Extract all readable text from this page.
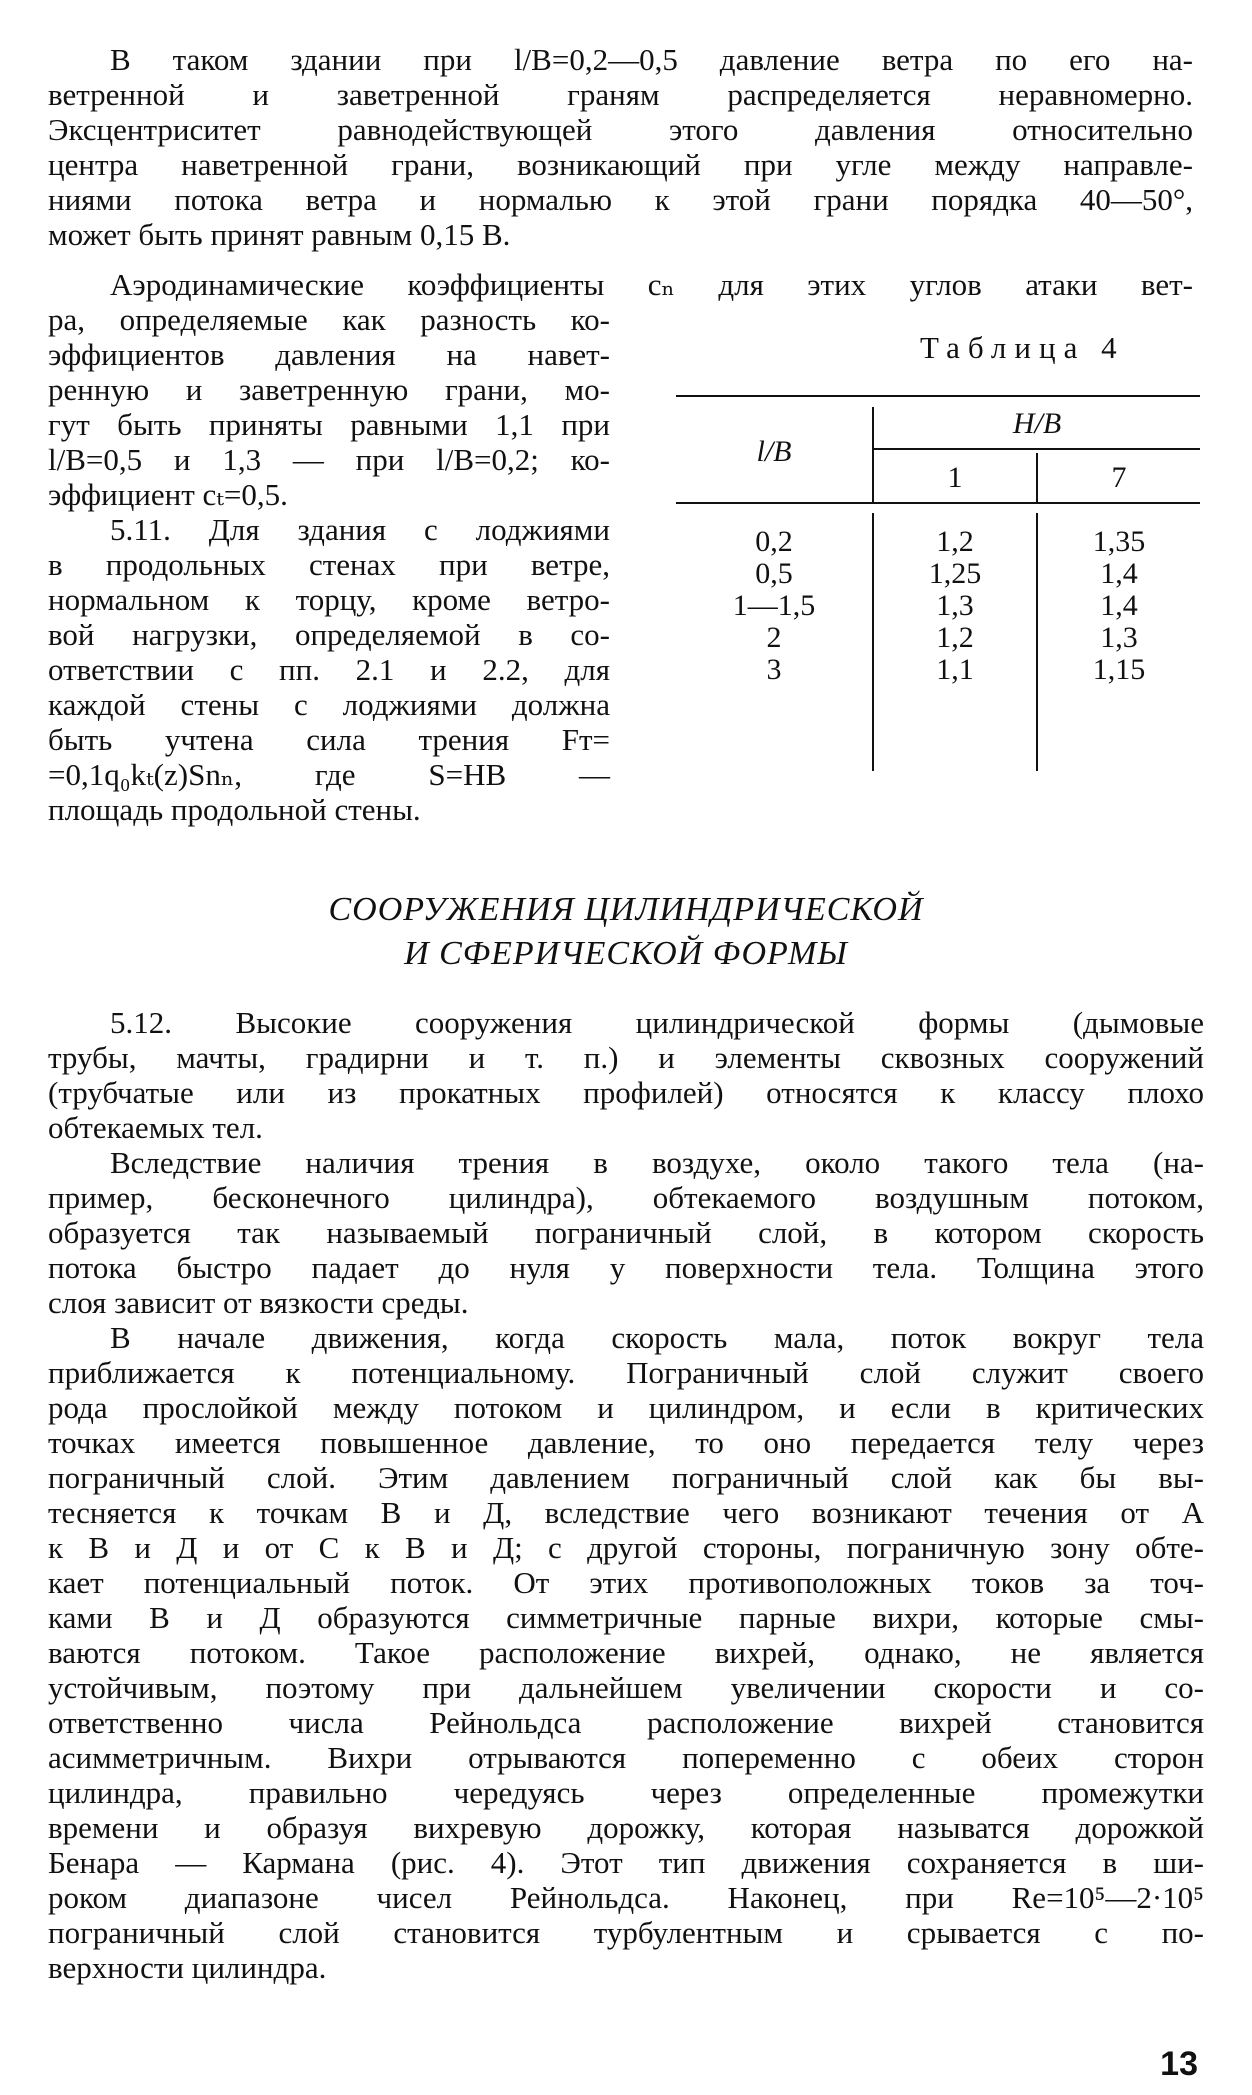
В таком здании при l/B=0,2—0,5 давление ветра по его на-
ветренной и заветренной граням распределяется неравномерно.
Эксцентриситет равнодействующей этого давления относительно
центра наветренной грани, возникающий при угле между направле-
ниями потока ветра и нормалью к этой грани порядка 40—50°,
может быть принят равным 0,15 B.

Аэродинамические коэффициенты cₙ для этих углов атаки вет-

ра, определяемые как разность ко-
эффициентов давления на навет-
ренную и заветренную грани, мо-
гут быть приняты равными 1,1 при
l/B=0,5 и 1,3 — при l/B=0,2; ко-
эффициент cₜ=0,5.
5.11. Для здания с лоджиями
в продольных стенах при ветре,
нормальном к торцу, кроме ветро-
вой нагрузки, определяемой в со-
ответствии с пп. 2.1 и 2.2, для
каждой стены с лоджиями должна
быть учтена сила трения Fт=
=0,1q₀kₜ(z)Snₙ, где S=HB —
площадь продольной стены.
Таблица 4
l/B
H/B
1	7
0,2	1,2	1,35
0,5	1,25	1,4
1—1,5	1,3	1,4
2	1,2	1,3
3	1,1	1,15
СООРУЖЕНИЯ ЦИЛИНДРИЧЕСКОЙ
И СФЕРИЧЕСКОЙ ФОРМЫ
5.12. Высокие сооружения цилиндрической формы (дымовые
трубы, мачты, градирни и т. п.) и элементы сквозных сооружений
(трубчатые или из прокатных профилей) относятся к классу плохо
обтекаемых тел.
Вследствие наличия трения в воздухе, около такого тела (на-
пример, бесконечного цилиндра), обтекаемого воздушным потоком,
образуется так называемый пограничный слой, в котором скорость
потока быстро падает до нуля у поверхности тела. Толщина этого
слоя зависит от вязкости среды.
В начале движения, когда скорость мала, поток вокруг тела
приближается к потенциальному. Пограничный слой служит своего
рода прослойкой между потоком и цилиндром, и если в критических
точках имеется повышенное давление, то оно передается телу через
пограничный слой. Этим давлением пограничный слой как бы вы-
тесняется к точкам В и Д, вследствие чего возникают течения от А
к В и Д и от С к В и Д; с другой стороны, пограничную зону обте-
кает потенциальный поток. От этих противоположных токов за точ-
ками В и Д образуются симметричные парные вихри, которые смы-
ваются потоком. Такое расположение вихрей, однако, не является
устойчивым, поэтому при дальнейшем увеличении скорости и со-
ответственно числа Рейнольдса расположение вихрей становится
асимметричным. Вихри отрываются попеременно с обеих сторон
цилиндра, правильно чередуясь через определенные промежутки
времени и образуя вихревую дорожку, которая называтся дорожкой
Бенара — Кармана (рис. 4). Этот тип движения сохраняется в ши-
роком диапазоне чисел Рейнольдса. Наконец, при Re=10⁵—2·10⁵
пограничный слой становится турбулентным и срывается с по-
верхности цилиндра.
13
